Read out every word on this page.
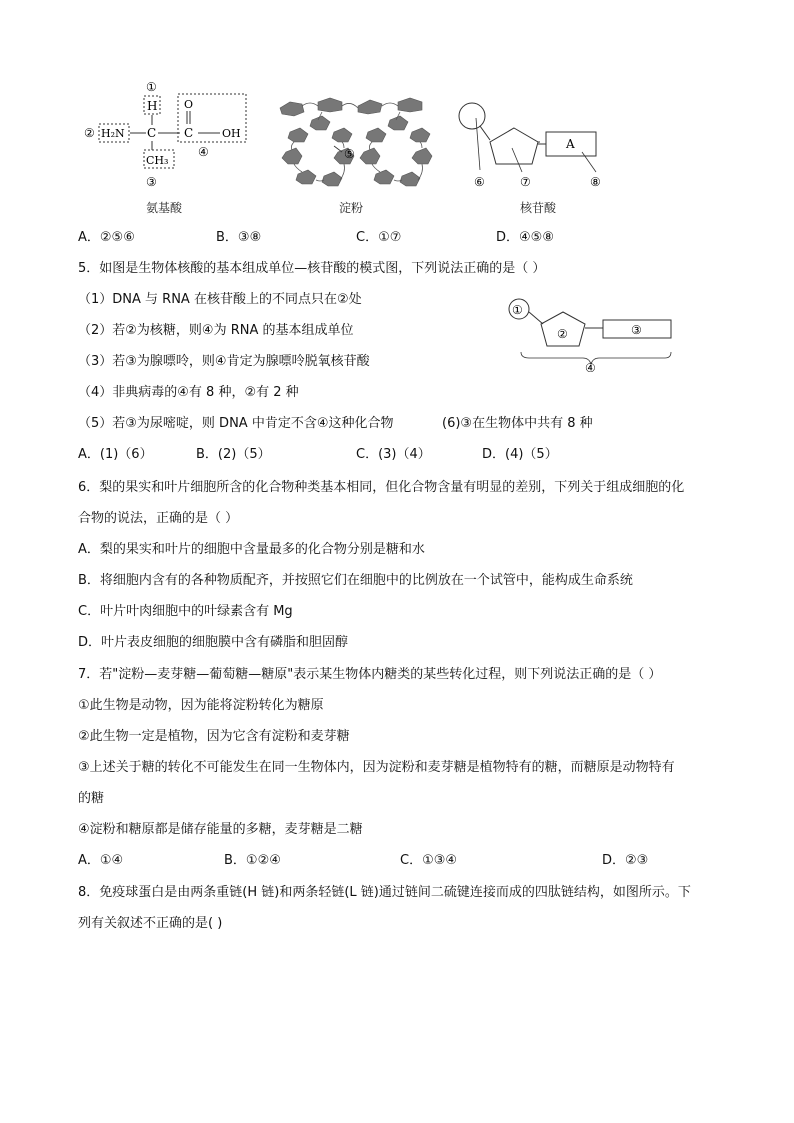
①
H
② H₂N C
O
C	OH
④
CH₃
③
氨基酸
⑤
淀粉
A
⑥	⑦	⑧
核苷酸
A．②⑤⑥	B．③⑧	C．①⑦	D．④⑤⑧
5．如图是生物体核酸的基本组成单位—核苷酸的模式图，下列说法正确的是（ ）
（1）DNA 与 RNA 在核苷酸上的不同点只在②处
（2）若②为核糖，则④为 RNA 的基本组成单位
（3）若③为腺嘌呤，则④肯定为腺嘌呤脱氧核苷酸
（4）非典病毒的④有 8 种，②有 2 种
（5）若③为尿嘧啶，则 DNA 中肯定不含④这种化合物	(6)③在生物体中共有 8 种
①
②	③
④
A．(1)（6）	B．(2)（5）	C．(3)（4）	D．(4)（5）
6．梨的果实和叶片细胞所含的化合物种类基本相同，但化合物含量有明显的差别，下列关于组成细胞的化
合物的说法，正确的是（ ）
A．梨的果实和叶片的细胞中含量最多的化合物分别是糖和水
B．将细胞内含有的各种物质配齐，并按照它们在细胞中的比例放在一个试管中，能构成生命系统
C．叶片叶肉细胞中的叶绿素含有 Mg
D．叶片表皮细胞的细胞膜中含有磷脂和胆固醇
7．若"淀粉—麦芽糖—葡萄糖—糖原"表示某生物体内糖类的某些转化过程，则下列说法正确的是（ ）
①此生物是动物，因为能将淀粉转化为糖原
②此生物一定是植物，因为它含有淀粉和麦芽糖
③上述关于糖的转化不可能发生在同一生物体内，因为淀粉和麦芽糖是植物特有的糖，而糖原是动物特有
的糖
④淀粉和糖原都是储存能量的多糖，麦芽糖是二糖
A．①④	B．①②④	C．①③④	D．②③
8．免疫球蛋白是由两条重链(H 链)和两条轻链(L 链)通过链间二硫键连接而成的四肽链结构，如图所示。下
列有关叙述不正确的是( )
